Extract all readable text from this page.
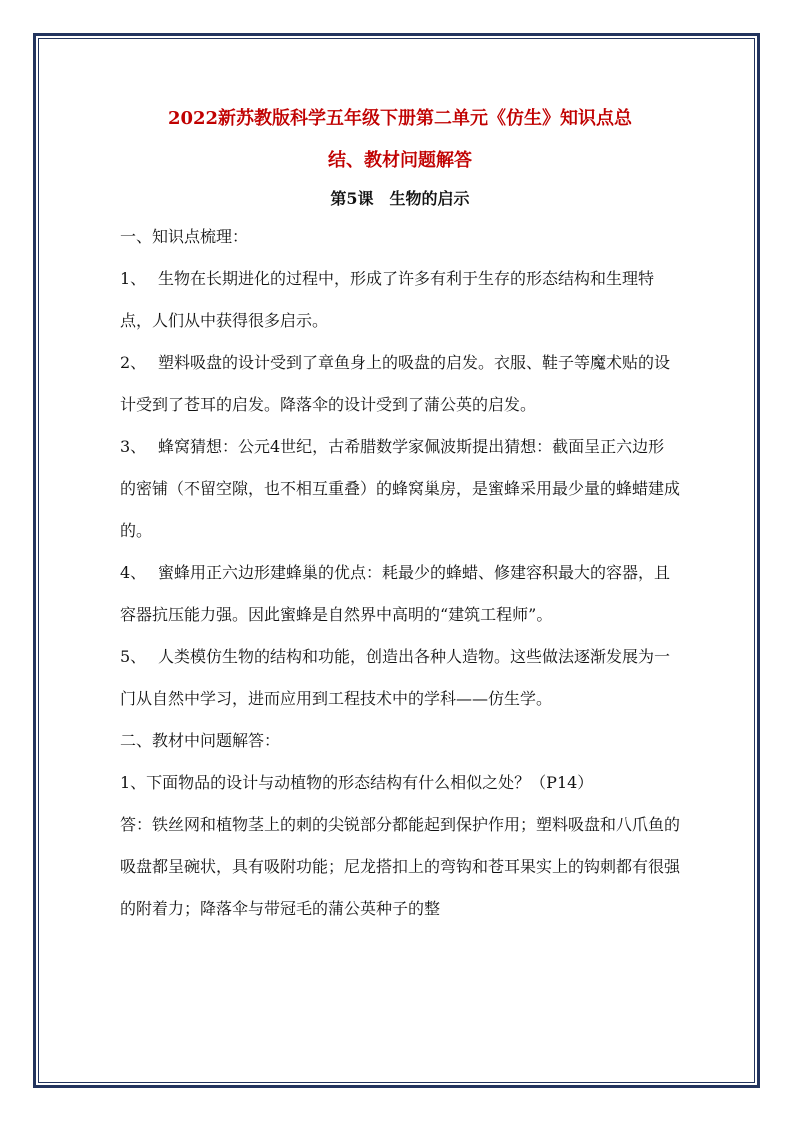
2022新苏教版科学五年级下册第二单元《仿生》知识点总
结、教材问题解答

第5课　生物的启示

一、知识点梳理：

1、 生物在长期进化的过程中，形成了许多有利于生存的形态结构和生理特点，人们从中获得很多启示。

2、 塑料吸盘的设计受到了章鱼身上的吸盘的启发。衣服、鞋子等魔术贴的设计受到了苍耳的启发。降落伞的设计受到了蒲公英的启发。

3、 蜂窝猜想：公元4世纪，古希腊数学家佩波斯提出猜想：截面呈正六边形的密铺（不留空隙，也不相互重叠）的蜂窝巢房，是蜜蜂采用最少量的蜂蜡建成的。

4、 蜜蜂用正六边形建蜂巢的优点：耗最少的蜂蜡、修建容积最大的容器，且容器抗压能力强。因此蜜蜂是自然界中高明的“建筑工程师”。

5、 人类模仿生物的结构和功能，创造出各种人造物。这些做法逐渐发展为一门从自然中学习，进而应用到工程技术中的学科——仿生学。

二、教材中问题解答：

1、下面物品的设计与动植物的形态结构有什么相似之处？（P14）

答：铁丝网和植物茎上的刺的尖锐部分都能起到保护作用；塑料吸盘和八爪鱼的吸盘都呈碗状，具有吸附功能；尼龙搭扣上的弯钩和苍耳果实上的钩刺都有很强的附着力；降落伞与带冠毛的蒲公英种子的整
